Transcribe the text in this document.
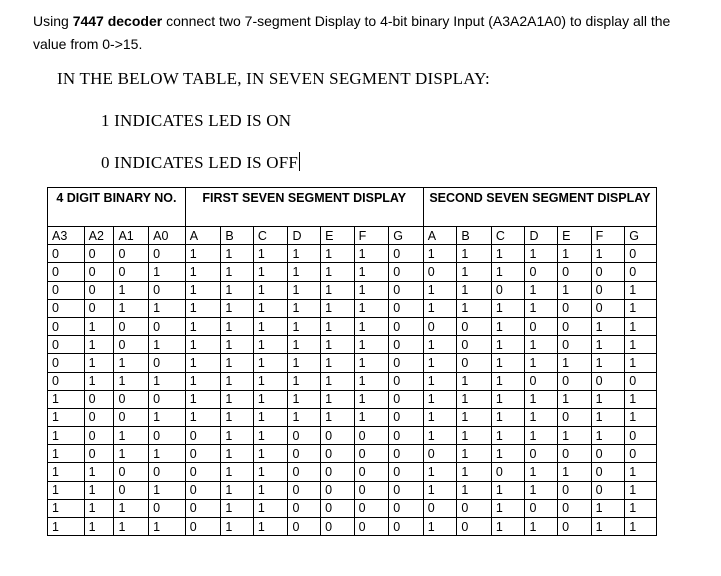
Using 7447 decoder connect two 7-segment Display to 4-bit binary Input (A3A2A1A0) to display all the
value from 0->15.
IN THE BELOW TABLE, IN SEVEN SEGMENT DISPLAY:
1 INDICATES LED IS ON
0 INDICATES LED IS OFF
4 DIGIT BINARY NO.				FIRST SEVEN SEGMENT DISPLAY							SECOND SEVEN SEGMENT DISPLAY						
A3	A2	A1	A0	A	B	C	D	E	F	G	A	B	C	D	E	F	G
0	0	0	0	1	1	1	1	1	1	0	1	1	1	1	1	1	0
0	0	0	1	1	1	1	1	1	1	0	0	1	1	0	0	0	0
0	0	1	0	1	1	1	1	1	1	0	1	1	0	1	1	0	1
0	0	1	1	1	1	1	1	1	1	0	1	1	1	1	0	0	1
0	1	0	0	1	1	1	1	1	1	0	0	0	1	0	0	1	1
0	1	0	1	1	1	1	1	1	1	0	1	0	1	1	0	1	1
0	1	1	0	1	1	1	1	1	1	0	1	0	1	1	1	1	1
0	1	1	1	1	1	1	1	1	1	0	1	1	1	0	0	0	0
1	0	0	0	1	1	1	1	1	1	0	1	1	1	1	1	1	1
1	0	0	1	1	1	1	1	1	1	0	1	1	1	1	0	1	1
1	0	1	0	0	1	1	0	0	0	0	1	1	1	1	1	1	0
1	0	1	1	0	1	1	0	0	0	0	0	1	1	0	0	0	0
1	1	0	0	0	1	1	0	0	0	0	1	1	0	1	1	0	1
1	1	0	1	0	1	1	0	0	0	0	1	1	1	1	0	0	1
1	1	1	0	0	1	1	0	0	0	0	0	0	1	0	0	1	1
1	1	1	1	0	1	1	0	0	0	0	1	0	1	1	0	1	1
